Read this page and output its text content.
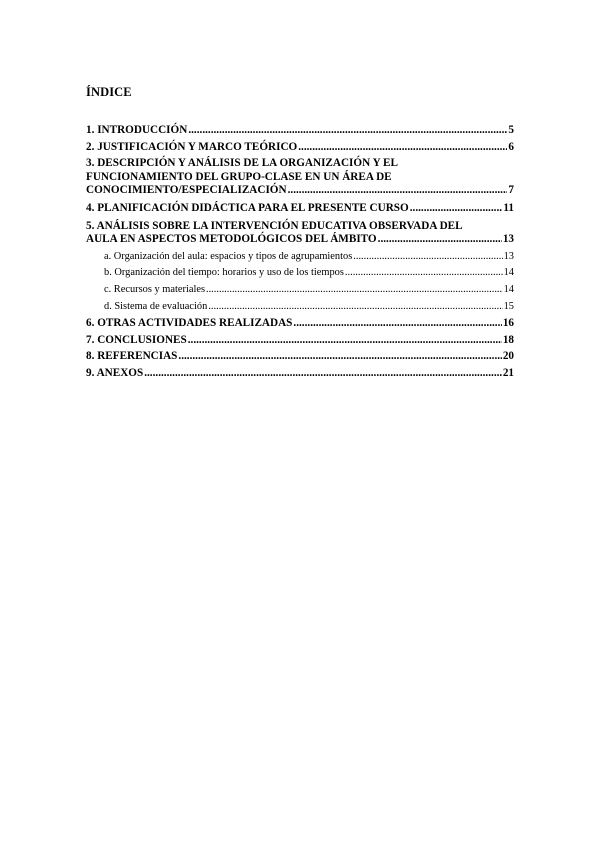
ÍNDICE
1. INTRODUCCIÓN .....	5
2. JUSTIFICACIÓN Y MARCO TEÓRICO .....	6
3. DESCRIPCIÓN Y ANÁLISIS DE LA ORGANIZACIÓN Y EL
FUNCIONAMIENTO DEL GRUPO-CLASE EN UN ÁREA DE
CONOCIMIENTO/ESPECIALIZACIÓN .....	7
4. PLANIFICACIÓN DIDÁCTICA PARA EL PRESENTE CURSO .....	11
5. ANÁLISIS SOBRE LA INTERVENCIÓN EDUCATIVA OBSERVADA DEL
AULA EN ASPECTOS METODOLÓGICOS DEL ÁMBITO .....	13
a. Organización del aula: espacios y tipos de agrupamientos .....	13
b. Organización del tiempo: horarios y uso de los tiempos .....	14
c. Recursos y materiales .....	14
d. Sistema de evaluación .....	15
6. OTRAS ACTIVIDADES REALIZADAS .....	16
7. CONCLUSIONES .....	18
8. REFERENCIAS .....	20
9. ANEXOS .....	21
